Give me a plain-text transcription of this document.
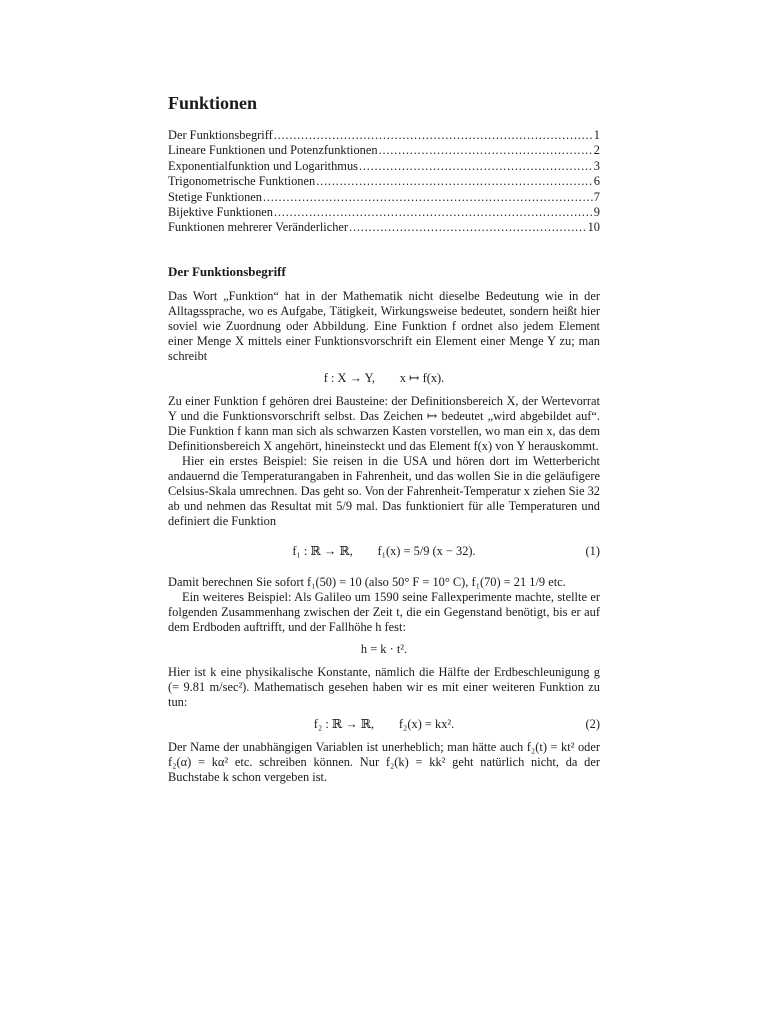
Funktionen
Der Funktionsbegriff .....	1
Lineare Funktionen und Potenzfunktionen .....	2
Exponentialfunktion und Logarithmus .....	3
Trigonometrische Funktionen .....	6
Stetige Funktionen .....	7
Bijektive Funktionen .....	9
Funktionen mehrerer Veränderlicher .....	10
Der Funktionsbegriff

Das Wort „Funktion“ hat in der Mathematik nicht dieselbe Bedeutung wie in der Alltagssprache, wo es Aufgabe, Tätigkeit, Wirkungsweise bedeutet, sondern heißt hier soviel wie Zuordnung oder Abbildung. Eine Funktion f ordnet also jedem Element einer Menge X mittels einer Funktionsvorschrift ein Element einer Menge Y zu; man schreibt

f : X → Y,        x ↦ f(x).

Zu einer Funktion f gehören drei Bausteine: der Definitionsbereich X, der Wertevorrat Y und die Funktionsvorschrift selbst. Das Zeichen ↦ bedeutet „wird abgebildet auf“. Die Funktion f kann man sich als schwarzen Kasten vorstellen, wo man ein x, das dem Definitionsbereich X angehört, hineinsteckt und das Element f(x) von Y herauskommt.

Hier ein erstes Beispiel: Sie reisen in die USA und hören dort im Wetterbericht andauernd die Temperaturangaben in Fahrenheit, und das wollen Sie in die geläufigere Celsius-Skala umrechnen. Das geht so. Von der Fahrenheit-Temperatur x ziehen Sie 32 ab und nehmen das Resultat mit 5/9 mal. Das funktioniert für alle Temperaturen und definiert die Funktion

f₁ : ℝ → ℝ,        f₁(x) = 5/9 (x − 32).	(1)

Damit berechnen Sie sofort f₁(50) = 10 (also 50° F = 10° C), f₁(70) = 21 1/9 etc.

Ein weiteres Beispiel: Als Galileo um 1590 seine Fallexperimente machte, stellte er folgenden Zusammenhang zwischen der Zeit t, die ein Gegenstand benötigt, bis er auf dem Erdboden auftrifft, und der Fallhöhe h fest:

h = k · t².

Hier ist k eine physikalische Konstante, nämlich die Hälfte der Erdbeschleunigung g (= 9.81 m/sec²). Mathematisch gesehen haben wir es mit einer weiteren Funktion zu tun:

f₂ : ℝ → ℝ,        f₂(x) = kx².	(2)

Der Name der unabhängigen Variablen ist unerheblich; man hätte auch f₂(t) = kt² oder f₂(α) = kα² etc. schreiben können. Nur f₂(k) = kk² geht natürlich nicht, da der Buchstabe k schon vergeben ist.
